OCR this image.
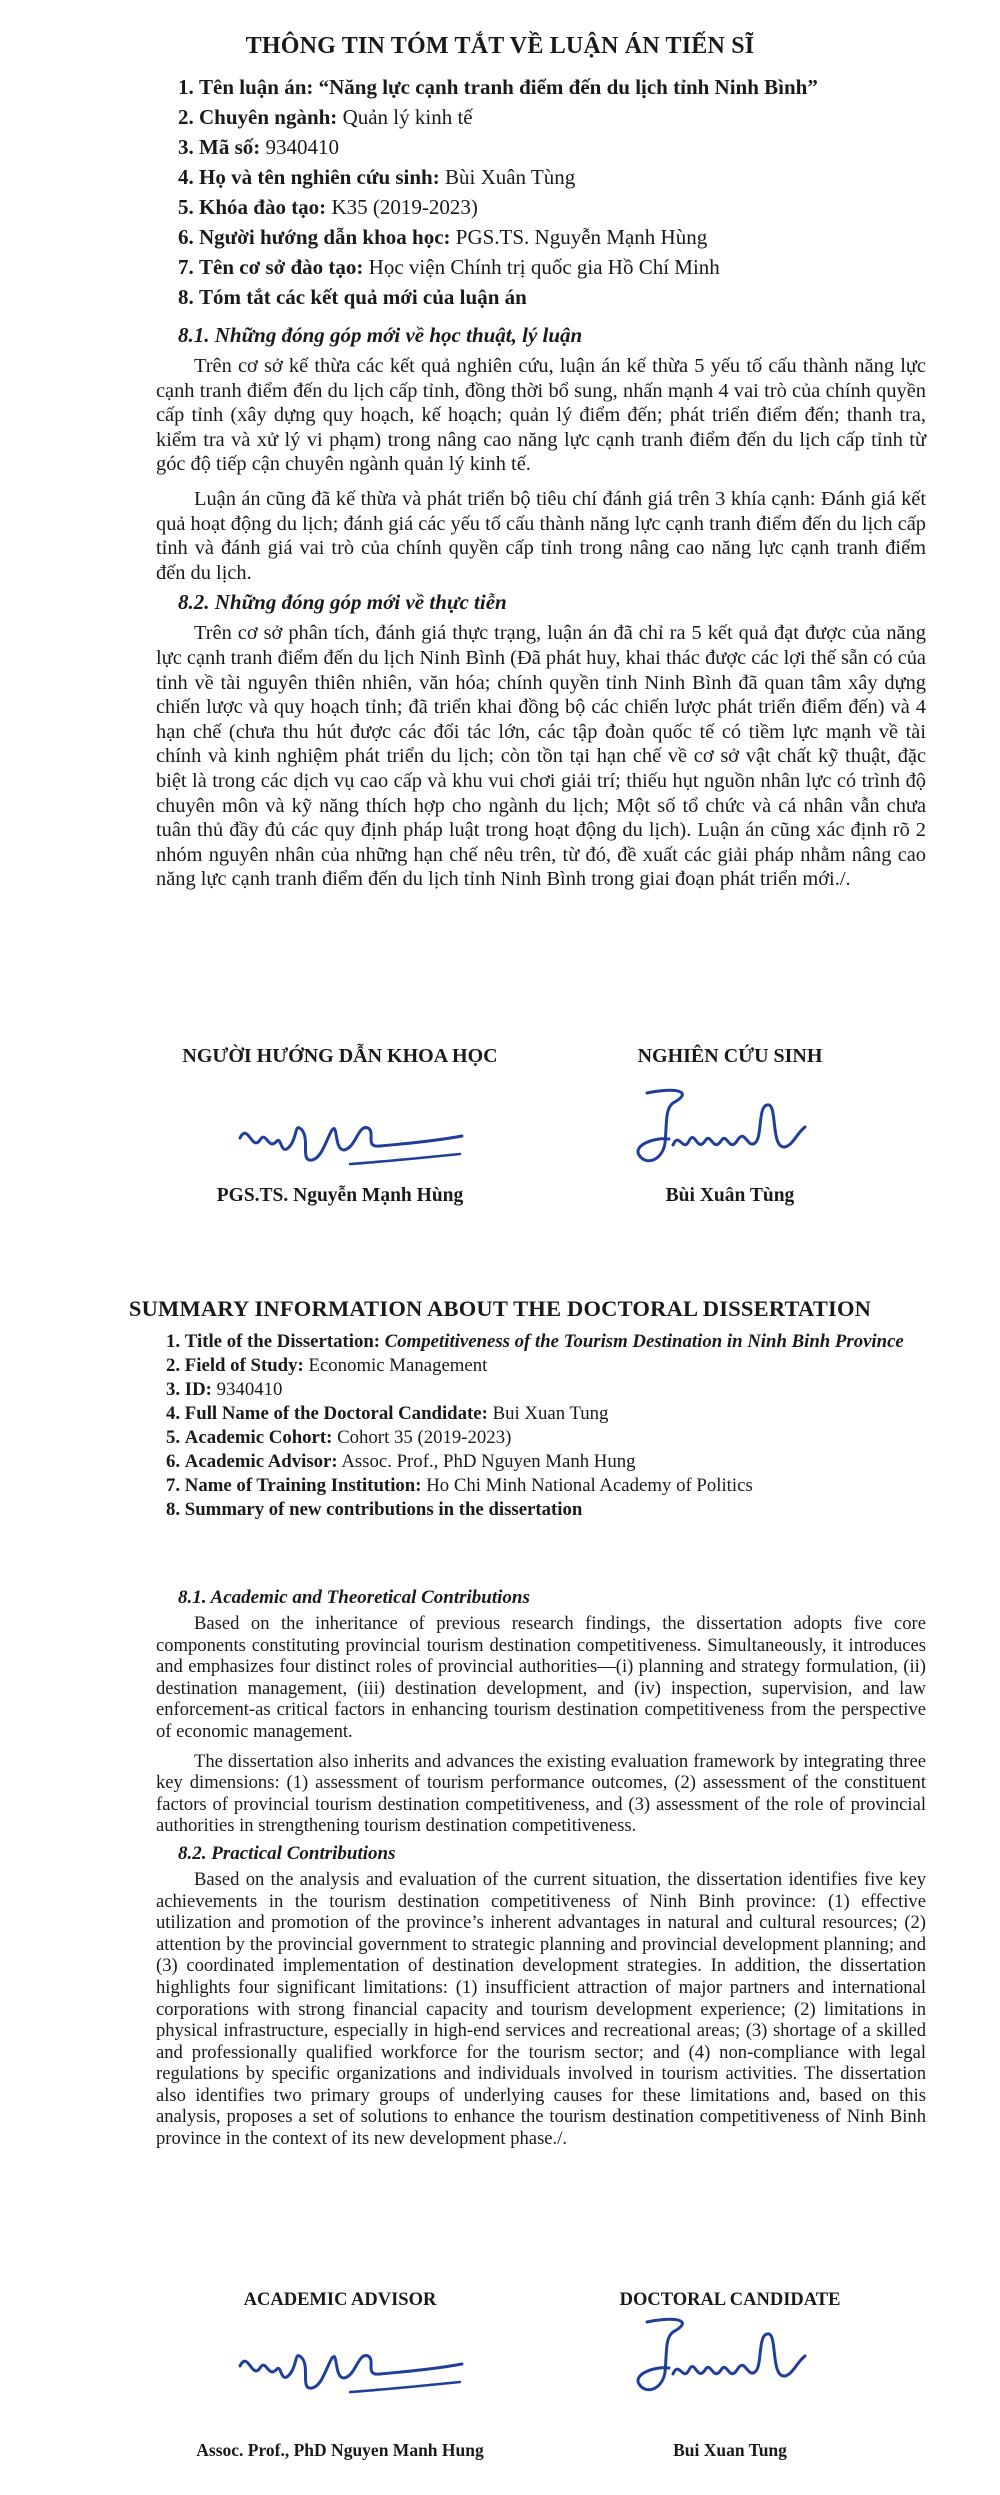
THÔNG TIN TÓM TẮT VỀ LUẬN ÁN TIẾN SĨ
1. Tên luận án: “Năng lực cạnh tranh điểm đến du lịch tỉnh Ninh Bình”
2. Chuyên ngành: Quản lý kinh tế
3. Mã số: 9340410
4. Họ và tên nghiên cứu sinh: Bùi Xuân Tùng
5. Khóa đào tạo: K35 (2019-2023)
6. Người hướng dẫn khoa học: PGS.TS. Nguyễn Mạnh Hùng
7. Tên cơ sở đào tạo: Học viện Chính trị quốc gia Hồ Chí Minh
8. Tóm tắt các kết quả mới của luận án
8.1. Những đóng góp mới về học thuật, lý luận

Trên cơ sở kế thừa các kết quả nghiên cứu, luận án kế thừa 5 yếu tố cấu thành năng lực cạnh tranh điểm đến du lịch cấp tỉnh, đồng thời bổ sung, nhấn mạnh 4 vai trò của chính quyền cấp tỉnh (xây dựng quy hoạch, kế hoạch; quản lý điểm đến; phát triển điểm đến; thanh tra, kiểm tra và xử lý vi phạm) trong nâng cao năng lực cạnh tranh điểm đến du lịch cấp tỉnh từ góc độ tiếp cận chuyên ngành quản lý kinh tế.

Luận án cũng đã kế thừa và phát triển bộ tiêu chí đánh giá trên 3 khía cạnh: Đánh giá kết quả hoạt động du lịch; đánh giá các yếu tố cấu thành năng lực cạnh tranh điểm đến du lịch cấp tỉnh và đánh giá vai trò của chính quyền cấp tỉnh trong nâng cao năng lực cạnh tranh điểm đến du lịch.

8.2. Những đóng góp mới về thực tiễn

Trên cơ sở phân tích, đánh giá thực trạng, luận án đã chỉ ra 5 kết quả đạt được của năng lực cạnh tranh điểm đến du lịch Ninh Bình (Đã phát huy, khai thác được các lợi thế sẵn có của tỉnh về tài nguyên thiên nhiên, văn hóa; chính quyền tỉnh Ninh Bình đã quan tâm xây dựng chiến lược và quy hoạch tỉnh; đã triển khai đồng bộ các chiến lược phát triển điểm đến) và 4 hạn chế (chưa thu hút được các đối tác lớn, các tập đoàn quốc tế có tiềm lực mạnh về tài chính và kinh nghiệm phát triển du lịch; còn tồn tại hạn chế về cơ sở vật chất kỹ thuật, đặc biệt là trong các dịch vụ cao cấp và khu vui chơi giải trí; thiếu hụt nguồn nhân lực có trình độ chuyên môn và kỹ năng thích hợp cho ngành du lịch; Một số tổ chức và cá nhân vẫn chưa tuân thủ đầy đủ các quy định pháp luật trong hoạt động du lịch). Luận án cũng xác định rõ 2 nhóm nguyên nhân của những hạn chế nêu trên, từ đó, đề xuất các giải pháp nhằm nâng cao năng lực cạnh tranh điểm đến du lịch tỉnh Ninh Bình trong giai đoạn phát triển mới./.

NGƯỜI HƯỚNG DẪN KHOA HỌC	NGHIÊN CỨU SINH
PGS.TS. Nguyễn Mạnh Hùng	Bùi Xuân Tùng
SUMMARY INFORMATION ABOUT THE DOCTORAL DISSERTATION
1. Title of the Dissertation: Competitiveness of the Tourism Destination in Ninh Binh Province
2. Field of Study: Economic Management
3. ID: 9340410
4. Full Name of the Doctoral Candidate: Bui Xuan Tung
5. Academic Cohort: Cohort 35 (2019-2023)
6. Academic Advisor: Assoc. Prof., PhD Nguyen Manh Hung
7. Name of Training Institution: Ho Chi Minh National Academy of Politics
8. Summary of new contributions in the dissertation
8.1. Academic and Theoretical Contributions

Based on the inheritance of previous research findings, the dissertation adopts five core components constituting provincial tourism destination competitiveness. Simultaneously, it introduces and emphasizes four distinct roles of provincial authorities—(i) planning and strategy formulation, (ii) destination management, (iii) destination development, and (iv) inspection, supervision, and law enforcement-as critical factors in enhancing tourism destination competitiveness from the perspective of economic management.

The dissertation also inherits and advances the existing evaluation framework by integrating three key dimensions: (1) assessment of tourism performance outcomes, (2) assessment of the constituent factors of provincial tourism destination competitiveness, and (3) assessment of the role of provincial authorities in strengthening tourism destination competitiveness.

8.2. Practical Contributions

Based on the analysis and evaluation of the current situation, the dissertation identifies five key achievements in the tourism destination competitiveness of Ninh Binh province: (1) effective utilization and promotion of the province’s inherent advantages in natural and cultural resources; (2) attention by the provincial government to strategic planning and provincial development planning; and (3) coordinated implementation of destination development strategies. In addition, the dissertation highlights four significant limitations: (1) insufficient attraction of major partners and international corporations with strong financial capacity and tourism development experience; (2) limitations in physical infrastructure, especially in high-end services and recreational areas; (3) shortage of a skilled and professionally qualified workforce for the tourism sector; and (4) non-compliance with legal regulations by specific organizations and individuals involved in tourism activities. The dissertation also identifies two primary groups of underlying causes for these limitations and, based on this analysis, proposes a set of solutions to enhance the tourism destination competitiveness of Ninh Binh province in the context of its new development phase./.

ACADEMIC ADVISOR	DOCTORAL CANDIDATE
Assoc. Prof., PhD Nguyen Manh Hung	Bui Xuan Tung
